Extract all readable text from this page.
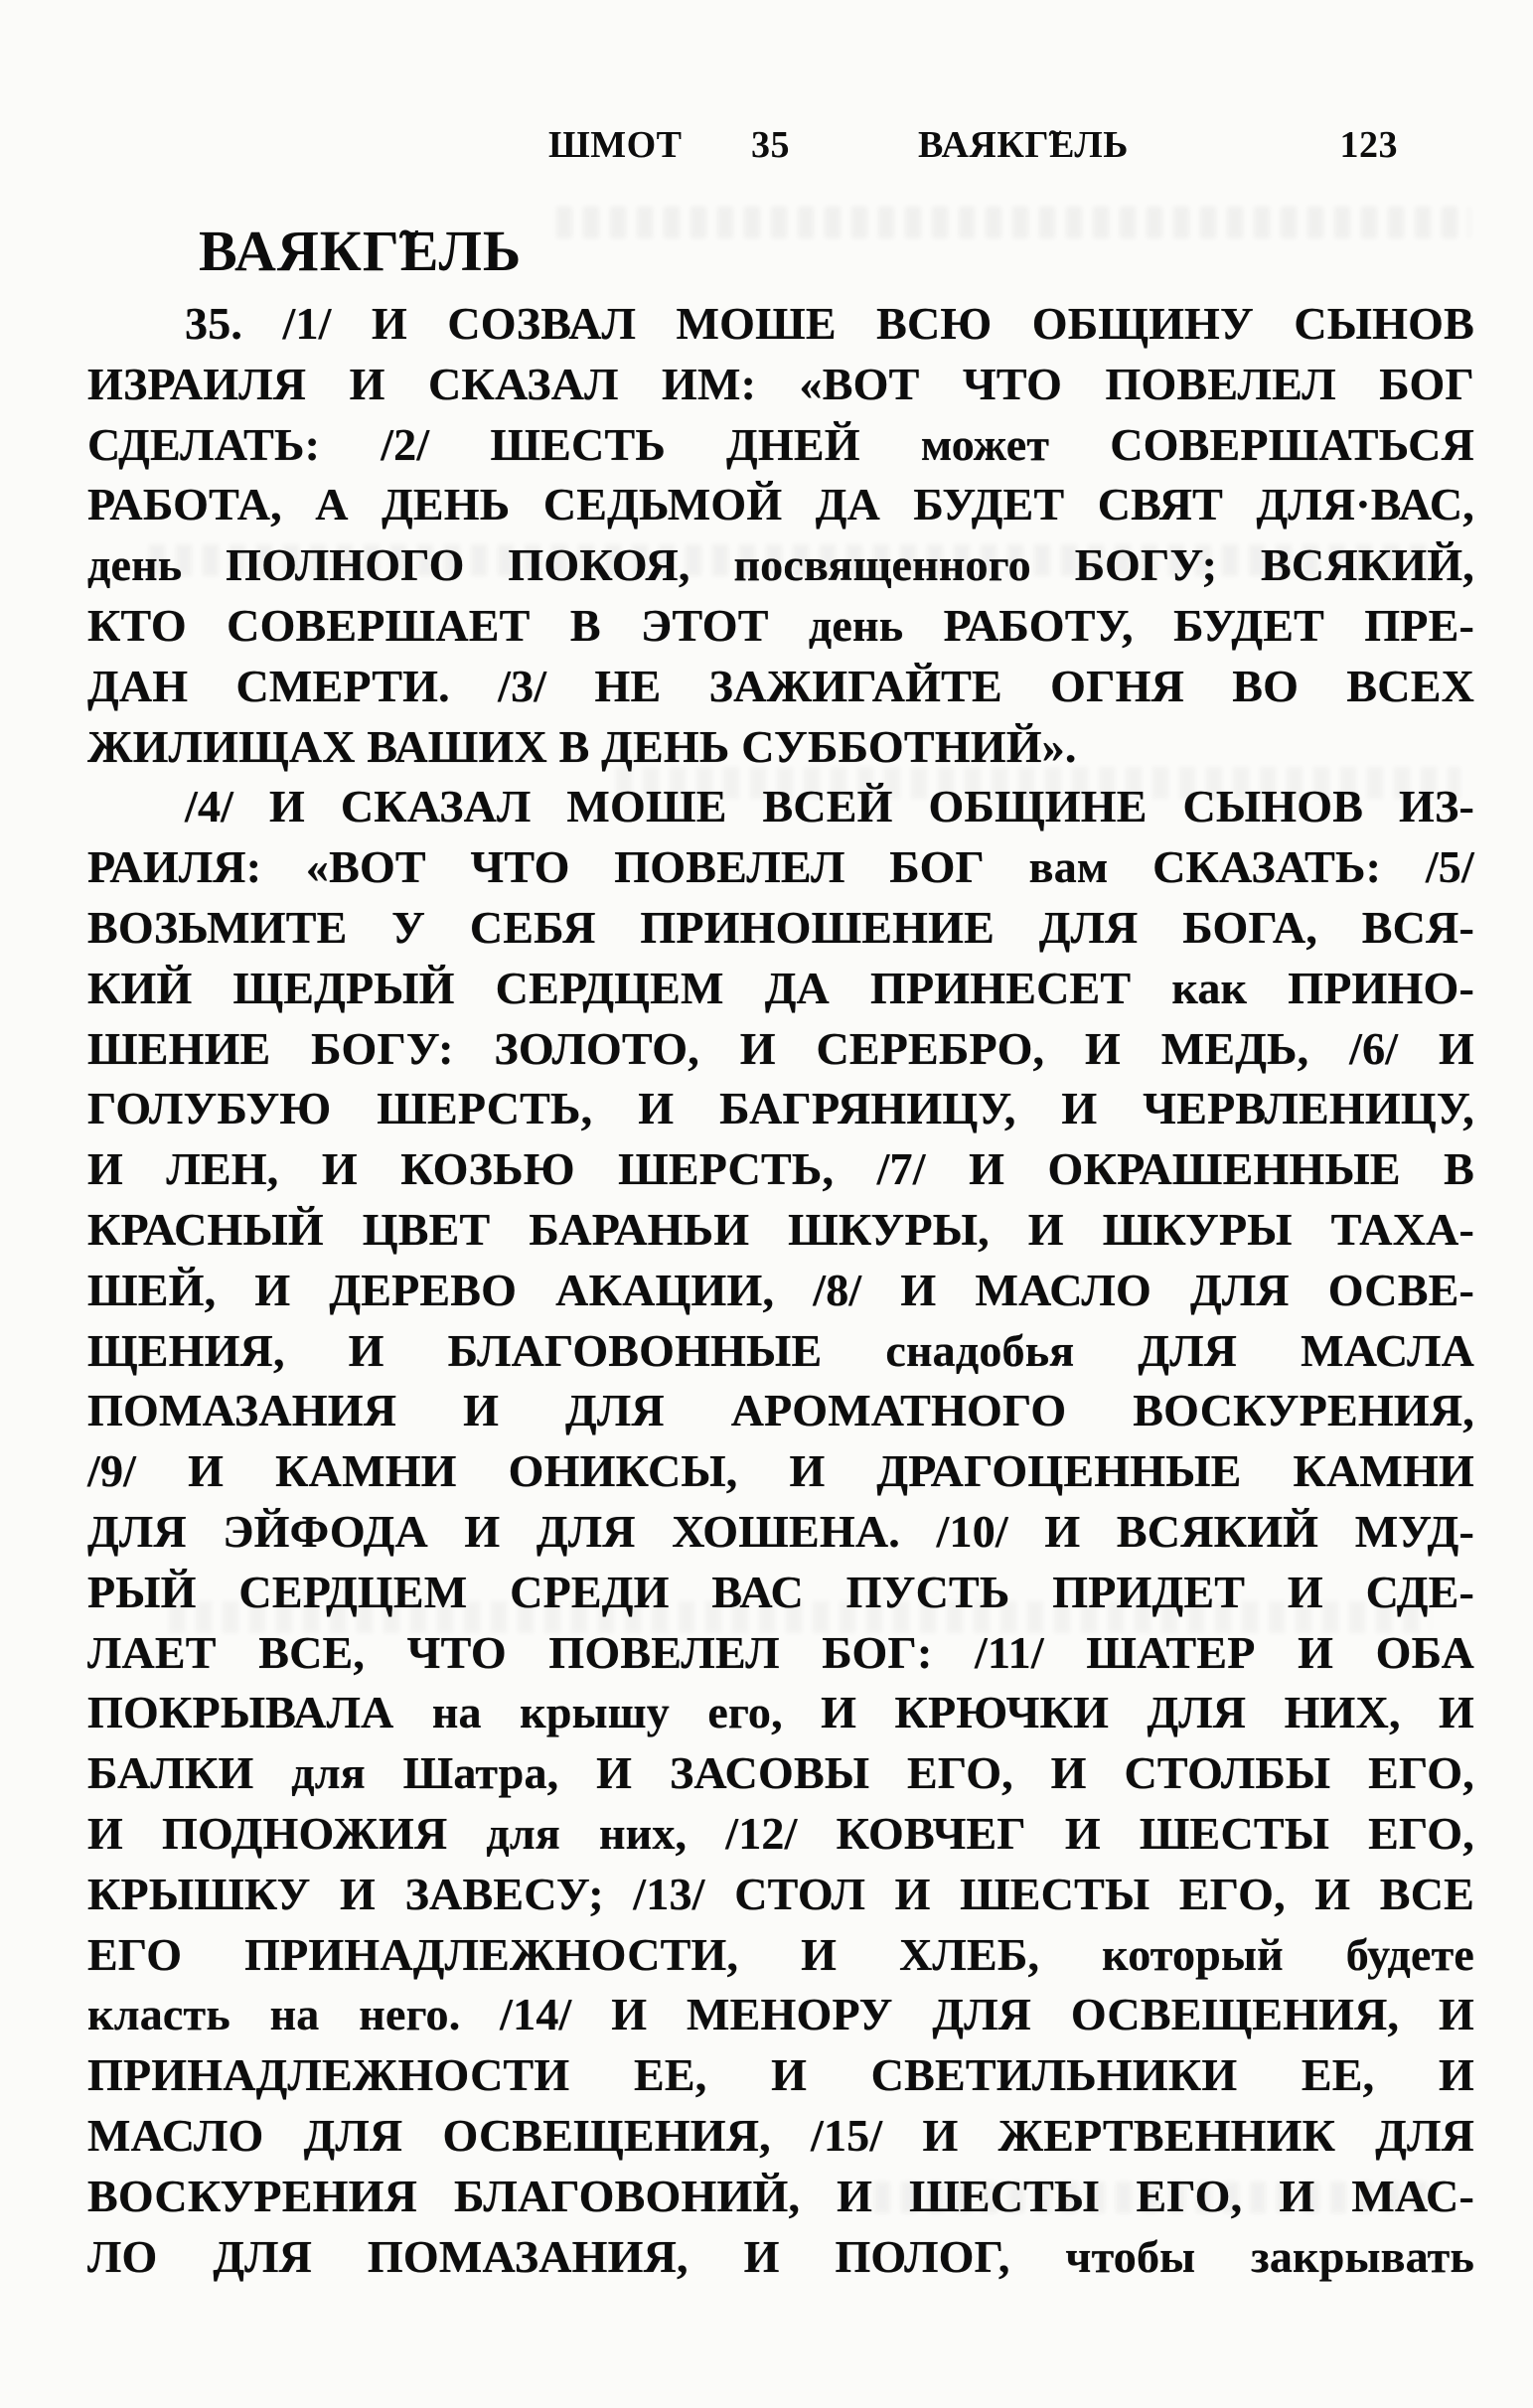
ШМОТ 35	ВАЯКГ̃ЕЛЬ	123
ВАЯКГ̃ЕЛЬ
35. /1/ И СОЗВАЛ МОШЕ ВСЮ ОБЩИНУ СЫНОВ
ИЗРАИЛЯ И СКАЗАЛ ИМ: «ВОТ ЧТО ПОВЕЛЕЛ БОГ
СДЕЛАТЬ: /2/ ШЕСТЬ ДНЕЙ может СОВЕРШАТЬСЯ
РАБОТА, А ДЕНЬ СЕДЬМОЙ ДА БУДЕТ СВЯТ ДЛЯ·ВАС,
день ПОЛНОГО ПОКОЯ, посвященного БОГУ; ВСЯКИЙ,
КТО СОВЕРШАЕТ В ЭТОТ день РАБОТУ, БУДЕТ ПРЕ-
ДАН СМЕРТИ. /3/ НЕ ЗАЖИГАЙТЕ ОГНЯ ВО ВСЕХ
ЖИЛИЩАХ ВАШИХ В ДЕНЬ СУББОТНИЙ».
/4/ И СКАЗАЛ МОШЕ ВСЕЙ ОБЩИНЕ СЫНОВ ИЗ-
РАИЛЯ: «ВОТ ЧТО ПОВЕЛЕЛ БОГ вам СКАЗАТЬ: /5/
ВОЗЬМИТЕ У СЕБЯ ПРИНОШЕНИЕ ДЛЯ БОГА, ВСЯ-
КИЙ ЩЕДРЫЙ СЕРДЦЕМ ДА ПРИНЕСЕТ как ПРИНО-
ШЕНИЕ БОГУ: ЗОЛОТО, И СЕРЕБРО, И МЕДЬ, /6/ И
ГОЛУБУЮ ШЕРСТЬ, И БАГРЯНИЦУ, И ЧЕРВЛЕНИЦУ,
И ЛЕН, И КОЗЬЮ ШЕРСТЬ, /7/ И ОКРАШЕННЫЕ В
КРАСНЫЙ ЦВЕТ БАРАНЬИ ШКУРЫ, И ШКУРЫ ТАХА-
ШЕЙ, И ДЕРЕВО АКАЦИИ, /8/ И МАСЛО ДЛЯ ОСВЕ-
ЩЕНИЯ, И БЛАГОВОННЫЕ снадобья ДЛЯ МАСЛА
ПОМАЗАНИЯ И ДЛЯ АРОМАТНОГО ВОСКУРЕНИЯ,
/9/ И КАМНИ ОНИКСЫ, И ДРАГОЦЕННЫЕ КАМНИ
ДЛЯ ЭЙФОДА И ДЛЯ ХОШЕНА. /10/ И ВСЯКИЙ МУД-
РЫЙ СЕРДЦЕМ СРЕДИ ВАС ПУСТЬ ПРИДЕТ И СДЕ-
ЛАЕТ ВСЕ, ЧТО ПОВЕЛЕЛ БОГ: /11/ ШАТЕР И ОБА
ПОКРЫВАЛА на крышу его, И КРЮЧКИ ДЛЯ НИХ, И
БАЛКИ для Шатра, И ЗАСОВЫ ЕГО, И СТОЛБЫ ЕГО,
И ПОДНОЖИЯ для них, /12/ КОВЧЕГ И ШЕСТЫ ЕГО,
КРЫШКУ И ЗАВЕСУ; /13/ СТОЛ И ШЕСТЫ ЕГО, И ВСЕ
ЕГО ПРИНАДЛЕЖНОСТИ, И ХЛЕБ, который будете
класть на него. /14/ И МЕНОРУ ДЛЯ ОСВЕЩЕНИЯ, И
ПРИНАДЛЕЖНОСТИ ЕЕ, И СВЕТИЛЬНИКИ ЕЕ, И
МАСЛО ДЛЯ ОСВЕЩЕНИЯ, /15/ И ЖЕРТВЕННИК ДЛЯ
ВОСКУРЕНИЯ БЛАГОВОНИЙ, И ШЕСТЫ ЕГО, И МАС-
ЛО ДЛЯ ПОМАЗАНИЯ, И ПОЛОГ, чтобы закрывать
